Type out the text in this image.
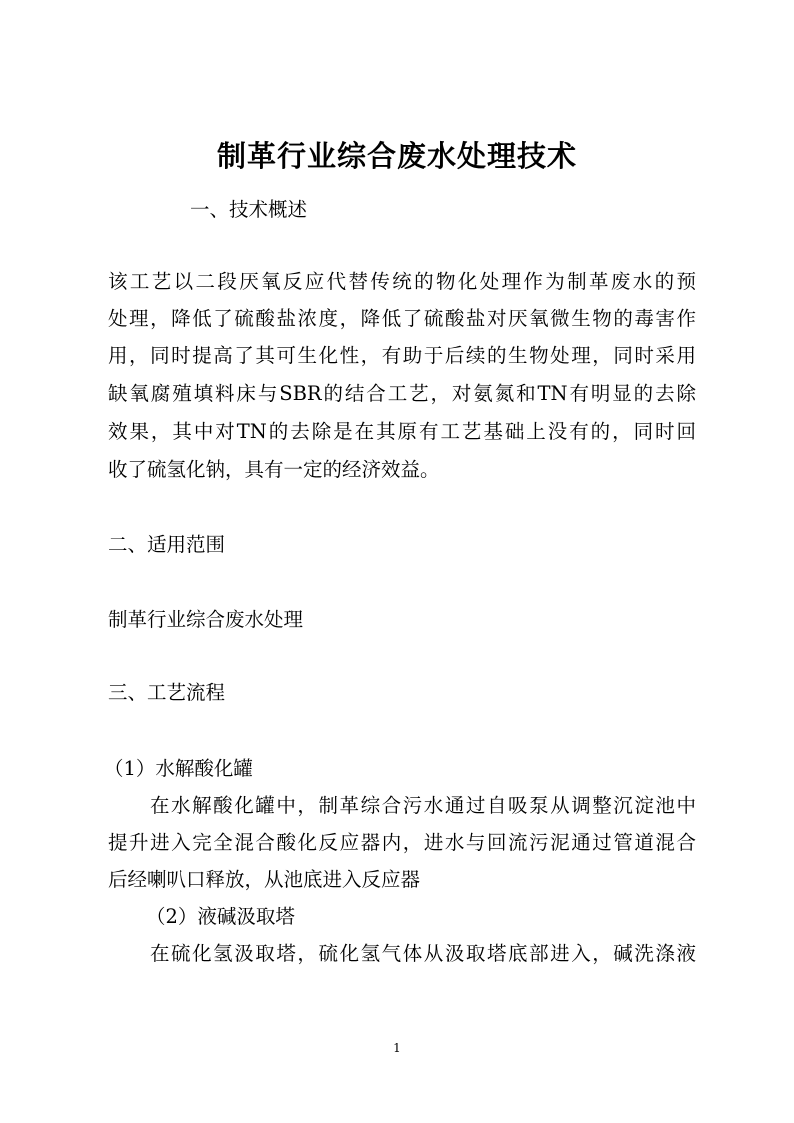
制革行业综合废水处理技术
一、技术概述
该工艺以二段厌氧反应代替传统的物化处理作为制革废水的预
处理，降低了硫酸盐浓度，降低了硫酸盐对厌氧微生物的毒害作
用，同时提高了其可生化性，有助于后续的生物处理，同时采用
缺氧腐殖填料床与SBR的结合工艺，对氨氮和TN有明显的去除
效果，其中对TN的去除是在其原有工艺基础上没有的，同时回
收了硫氢化钠，具有一定的经济效益。
二、适用范围
制革行业综合废水处理
三、工艺流程
（1）水解酸化罐
在水解酸化罐中，制革综合污水通过自吸泵从调整沉淀池中
提升进入完全混合酸化反应器内，进水与回流污泥通过管道混合
后经喇叭口释放，从池底进入反应器
（2）液碱汲取塔
在硫化氢汲取塔，硫化氢气体从汲取塔底部进入，碱洗涤液
1
